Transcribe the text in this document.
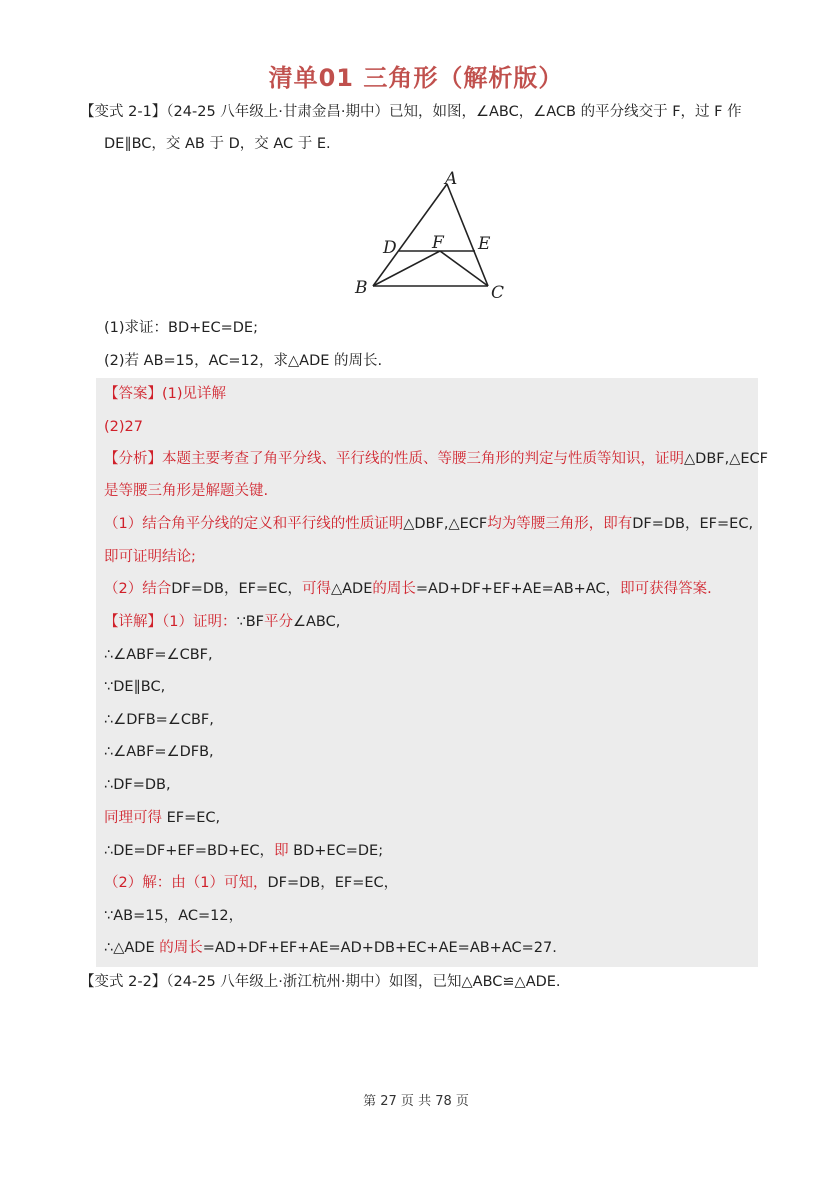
清单01 三角形（解析版）
【变式 2-1】（24-25 八年级上·甘肃金昌·期中）已知，如图，∠ABC，∠ACB 的平分线交于 F，过 F 作
DE∥BC，交 AB 于 D，交 AC 于 E.
A
B	C
D	E
F
(1)求证：BD+EC=DE;
(2)若 AB=15，AC=12，求△ADE 的周长.
【答案】(1)见详解
(2)27
【分析】本题主要考查了角平分线、平行线的性质、等腰三角形的判定与性质等知识，证明△DBF,△ECF
是等腰三角形是解题关键.
（1）结合角平分线的定义和平行线的性质证明△DBF,△ECF均为等腰三角形，即有DF=DB，EF=EC,
即可证明结论;
（2）结合DF=DB，EF=EC，可得△ADE的周长=AD+DF+EF+AE=AB+AC，即可获得答案.
【详解】（1）证明：∵BF平分∠ABC,
∴∠ABF=∠CBF,
∵DE∥BC,
∴∠DFB=∠CBF,
∴∠ABF=∠DFB,
∴DF=DB,
同理可得 EF=EC,
∴DE=DF+EF=BD+EC，即 BD+EC=DE;
（2）解：由（1）可知，DF=DB，EF=EC，
∵AB=15，AC=12，
∴△ADE 的周长=AD+DF+EF+AE=AD+DB+EC+AE=AB+AC=27.
【变式 2-2】（24-25 八年级上·浙江杭州·期中）如图，已知△ABC≌△ADE.
第 27 页 共 78 页
